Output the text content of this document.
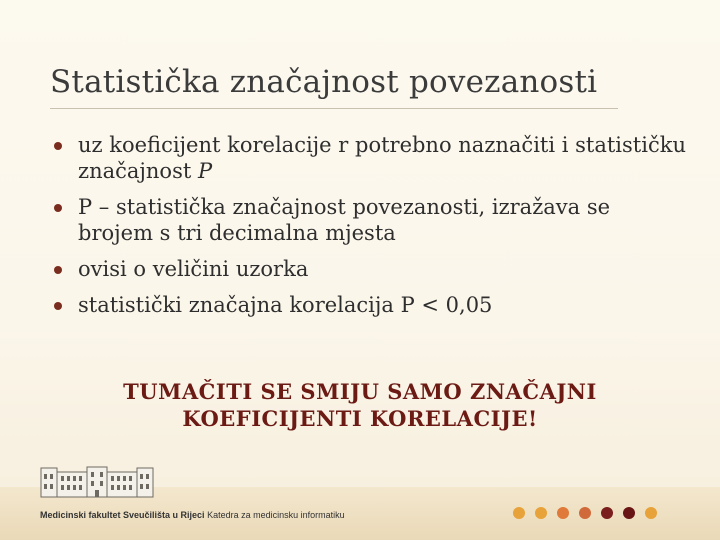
Statistička značajnost povezanosti
uz koeficijent korelacije r potrebno naznačiti i statističku značajnost P
P – statistička značajnost povezanosti, izražava se brojem s tri decimalna mjesta
ovisi o veličini uzorka
statistički značajna korelacija P < 0,05
TUMAČITI SE SMIJU SAMO ZNAČAJNI
KOEFICIJENTI KORELACIJE!
Medicinski fakultet Sveučilišta u Rijeci Katedra za medicinsku informatiku
